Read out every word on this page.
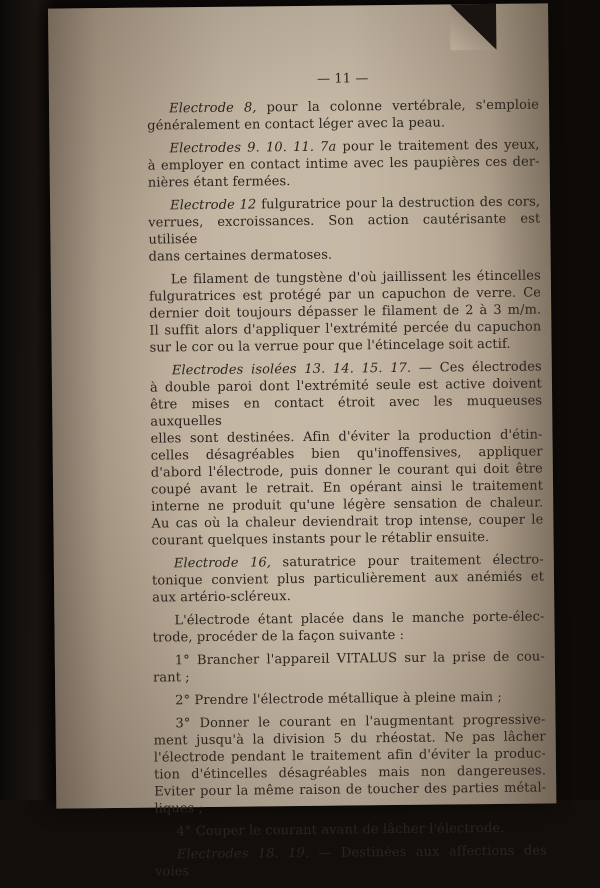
— 11 —
Electrode 8, pour la colonne vertébrale, s'emploie
généralement en contact léger avec la peau.
Electrodes 9. 10. 11. 7a pour le traitement des yeux,
à employer en contact intime avec les paupières ces der-
nières étant fermées.
Electrode 12 fulguratrice pour la destruction des cors,
verrues, excroissances. Son action cautérisante est utilisée
dans certaines dermatoses.
Le filament de tungstène d'où jaillissent les étincelles
fulguratrices est protégé par un capuchon de verre. Ce
dernier doit toujours dépasser le filament de 2 à 3 m/m.
Il suffit alors d'appliquer l'extrémité percée du capuchon
sur le cor ou la verrue pour que l'étincelage soit actif.
Electrodes isolées 13. 14. 15. 17. — Ces électrodes
à double paroi dont l'extrémité seule est active doivent
être mises en contact étroit avec les muqueuses auxquelles
elles sont destinées. Afin d'éviter la production d'étin-
celles désagréables bien qu'inoffensives, appliquer
d'abord l'électrode, puis donner le courant qui doit être
coupé avant le retrait. En opérant ainsi le traitement
interne ne produit qu'une légère sensation de chaleur.
Au cas où la chaleur deviendrait trop intense, couper le
courant quelques instants pour le rétablir ensuite.
Electrode 16, saturatrice pour traitement électro-
tonique convient plus particulièrement aux anémiés et
aux artério-scléreux.
L'électrode étant placée dans le manche porte-élec-
trode, procéder de la façon suivante :
1° Brancher l'appareil VITALUS sur la prise de cou-
rant ;
2° Prendre l'électrode métallique à pleine main ;
3° Donner le courant en l'augmentant progressive-
ment jusqu'à la division 5 du rhéostat. Ne pas lâcher
l'électrode pendant le traitement afin d'éviter la produc-
tion d'étincelles désagréables mais non dangereuses.
Eviter pour la même raison de toucher des parties métal-
liques ;
4° Couper le courant avant de lâcher l'électrode.
Electrodes 18. 19. — Destinées aux affections des voies
